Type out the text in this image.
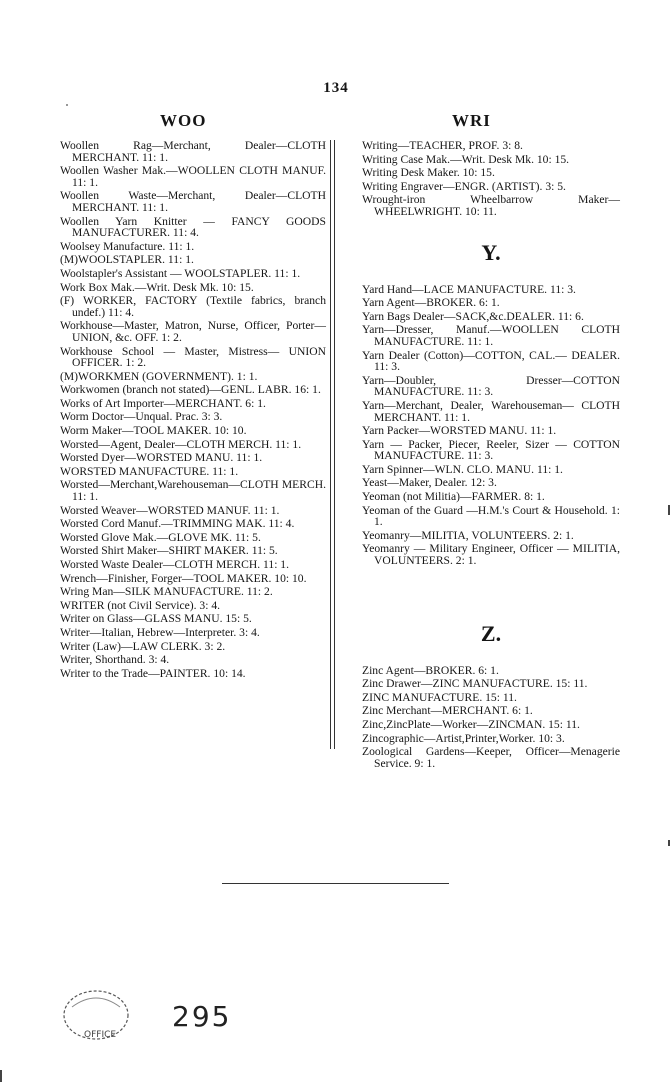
134
WOO	WRI
Woollen Rag—Merchant, Dealer—CLOTH MERCHANT. 11: 1.
Woollen Washer Mak.—WOOLLEN CLOTH MANUF. 11: 1.
Woollen Waste—Merchant, Dealer—CLOTH MERCHANT. 11: 1.
Woollen Yarn Knitter — FANCY GOODS MANUFACTURER. 11: 4.
Woolsey Manufacture. 11: 1.
(M)WOOLSTAPLER. 11: 1.
Woolstapler's Assistant — WOOLSTAPLER. 11: 1.
Work Box Mak.—Writ. Desk Mk. 10: 15.
(F) WORKER, FACTORY (Textile fabrics, branch undef.) 11: 4.
Workhouse—Master, Matron, Nurse, Officer, Porter—UNION, &c. OFF. 1: 2.
Workhouse School — Master, Mistress— UNION OFFICER. 1: 2.
(M)WORKMEN (GOVERNMENT). 1: 1.
Workwomen (branch not stated)—GENL. LABR. 16: 1.
Works of Art Importer—MERCHANT. 6: 1.
Worm Doctor—Unqual. Prac. 3: 3.
Worm Maker—TOOL MAKER. 10: 10.
Worsted—Agent, Dealer—CLOTH MERCH. 11: 1.
Worsted Dyer—WORSTED MANU. 11: 1.
WORSTED MANUFACTURE. 11: 1.
Worsted—Merchant,Warehouseman—CLOTH MERCH. 11: 1.
Worsted Weaver—WORSTED MANUF. 11: 1.
Worsted Cord Manuf.—TRIMMING MAK. 11: 4.
Worsted Glove Mak.—GLOVE MK. 11: 5.
Worsted Shirt Maker—SHIRT MAKER. 11: 5.
Worsted Waste Dealer—CLOTH MERCH. 11: 1.
Wrench—Finisher, Forger—TOOL MAKER. 10: 10.
Wring Man—SILK MANUFACTURE. 11: 2.
WRITER (not Civil Service). 3: 4.
Writer on Glass—GLASS MANU. 15: 5.
Writer—Italian, Hebrew—Interpreter. 3: 4.
Writer (Law)—LAW CLERK. 3: 2.
Writer, Shorthand. 3: 4.
Writer to the Trade—PAINTER. 10: 14.
Writing—TEACHER, PROF. 3: 8.
Writing Case Mak.—Writ. Desk Mk. 10: 15.
Writing Desk Maker. 10: 15.
Writing Engraver—ENGR. (ARTIST). 3: 5.
Wrought-iron Wheelbarrow Maker—WHEELWRIGHT. 10: 11.
Y.
Yard Hand—LACE MANUFACTURE. 11: 3.
Yarn Agent—BROKER. 6: 1.
Yarn Bags Dealer—SACK,&c.DEALER. 11: 6.
Yarn—Dresser, Manuf.—WOOLLEN CLOTH MANUFACTURE. 11: 1.
Yarn Dealer (Cotton)—COTTON, CAL.— DEALER. 11: 3.
Yarn—Doubler, Dresser—COTTON MANUFACTURE. 11: 3.
Yarn—Merchant, Dealer, Warehouseman— CLOTH MERCHANT. 11: 1.
Yarn Packer—WORSTED MANU. 11: 1.
Yarn — Packer, Piecer, Reeler, Sizer — COTTON MANUFACTURE. 11: 3.
Yarn Spinner—WLN. CLO. MANU. 11: 1.
Yeast—Maker, Dealer. 12: 3.
Yeoman (not Militia)—FARMER. 8: 1.
Yeoman of the Guard —H.M.'s Court & Household. 1: 1.
Yeomanry—MILITIA, VOLUNTEERS. 2: 1.
Yeomanry — Military Engineer, Officer — MILITIA, VOLUNTEERS. 2: 1.
Z.
Zinc Agent—BROKER. 6: 1.
Zinc Drawer—ZINC MANUFACTURE. 15: 11.
ZINC MANUFACTURE. 15: 11.
Zinc Merchant—MERCHANT. 6: 1.
Zinc,ZincPlate—Worker—ZINCMAN. 15: 11.
Zincographic—Artist,Printer,Worker. 10: 3.
Zoological Gardens—Keeper, Officer—Menagerie Service. 9: 1.
OFFICE
295
